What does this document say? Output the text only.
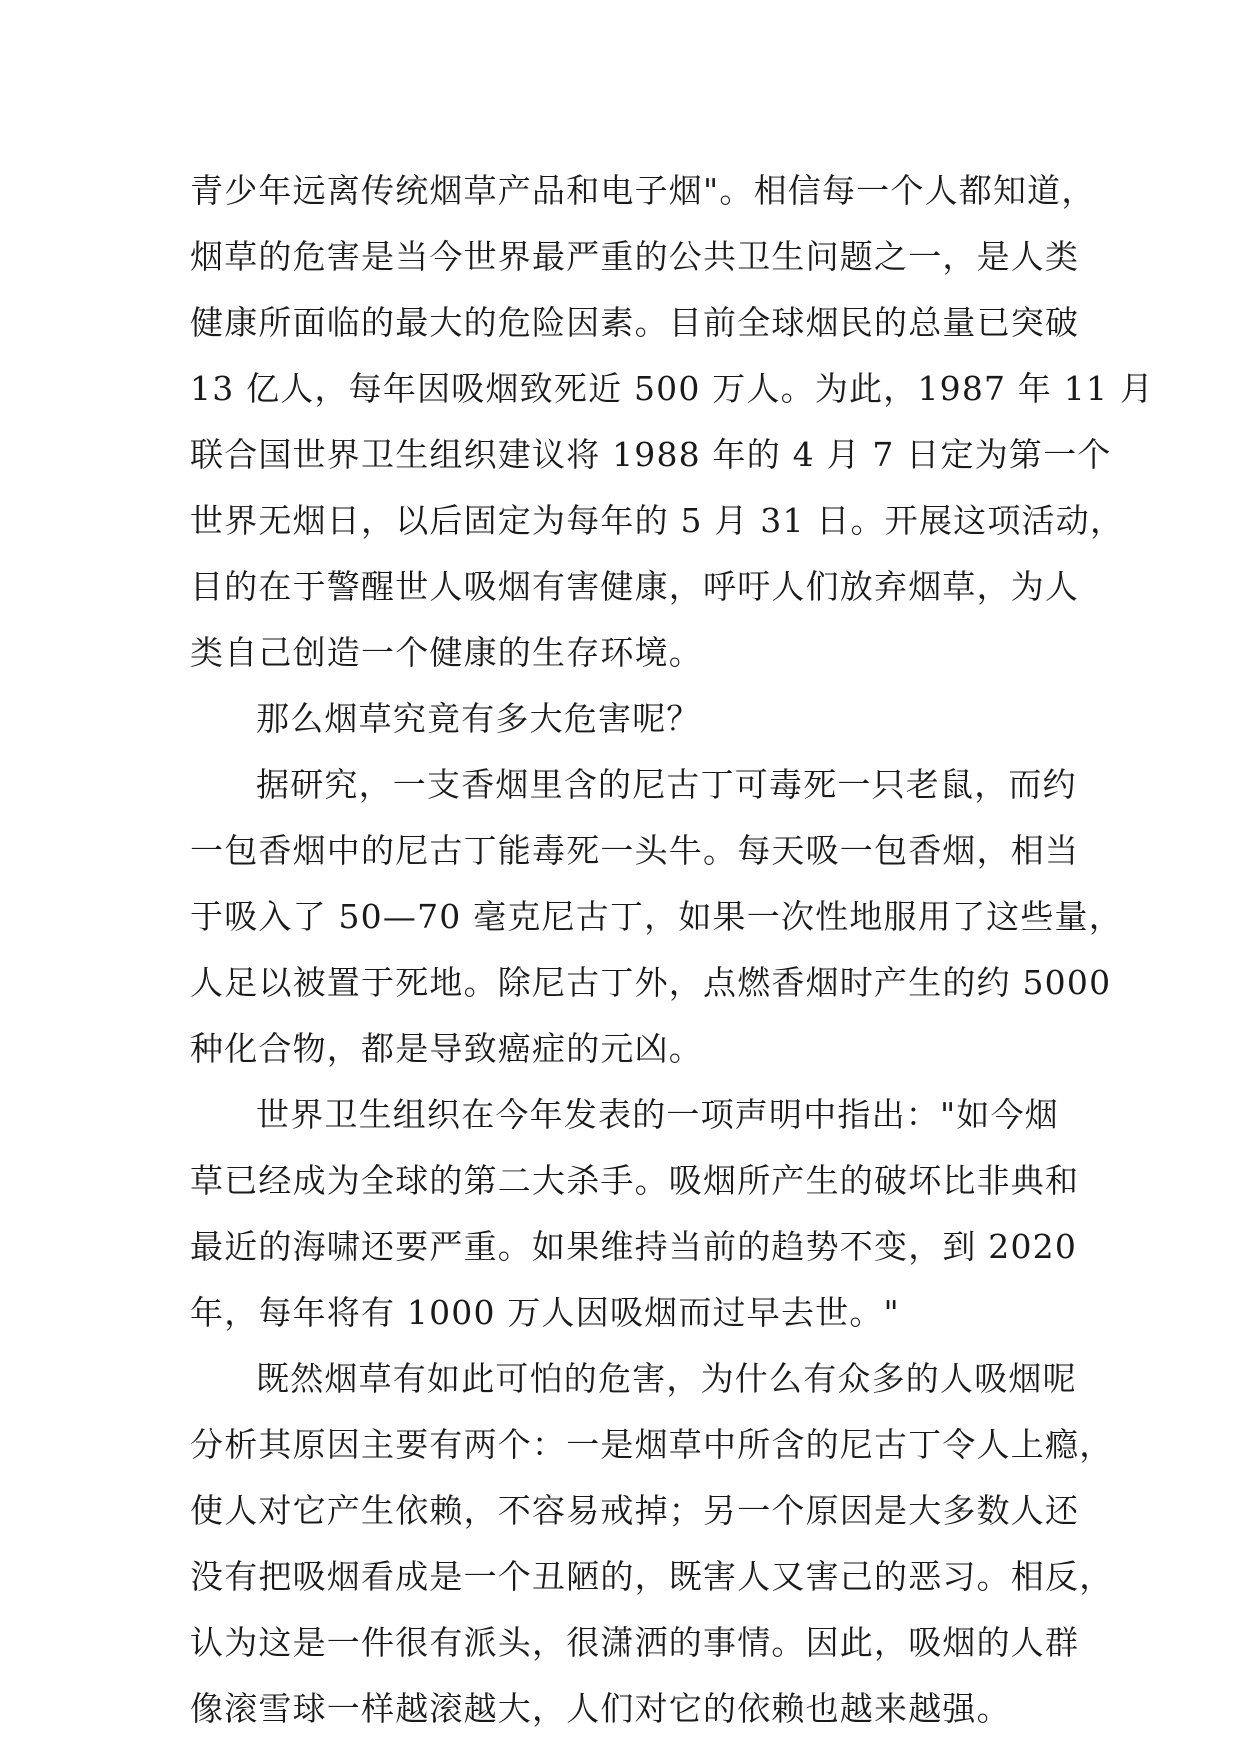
青少年远离传统烟草产品和电子烟"。相信每一个人都知道，
烟草的危害是当今世界最严重的公共卫生问题之一，是人类
健康所面临的最大的危险因素。目前全球烟民的总量已突破
13 亿人，每年因吸烟致死近 500 万人。为此，1987 年 11 月
联合国世界卫生组织建议将 1988 年的 4 月 7 日定为第一个
世界无烟日，以后固定为每年的 5 月 31 日。开展这项活动，
目的在于警醒世人吸烟有害健康，呼吁人们放弃烟草，为人
类自己创造一个健康的生存环境。
那么烟草究竟有多大危害呢？
据研究，一支香烟里含的尼古丁可毒死一只老鼠，而约
一包香烟中的尼古丁能毒死一头牛。每天吸一包香烟，相当
于吸入了 50—70 毫克尼古丁，如果一次性地服用了这些量，
人足以被置于死地。除尼古丁外，点燃香烟时产生的约 5000
种化合物，都是导致癌症的元凶。
世界卫生组织在今年发表的一项声明中指出："如今烟
草已经成为全球的第二大杀手。吸烟所产生的破坏比非典和
最近的海啸还要严重。如果维持当前的趋势不变，到 2020
年，每年将有 1000 万人因吸烟而过早去世。"
既然烟草有如此可怕的危害，为什么有众多的人吸烟呢
分析其原因主要有两个：一是烟草中所含的尼古丁令人上瘾，
使人对它产生依赖，不容易戒掉；另一个原因是大多数人还
没有把吸烟看成是一个丑陋的，既害人又害己的恶习。相反，
认为这是一件很有派头，很潇洒的事情。因此，吸烟的人群
像滚雪球一样越滚越大，人们对它的依赖也越来越强。
